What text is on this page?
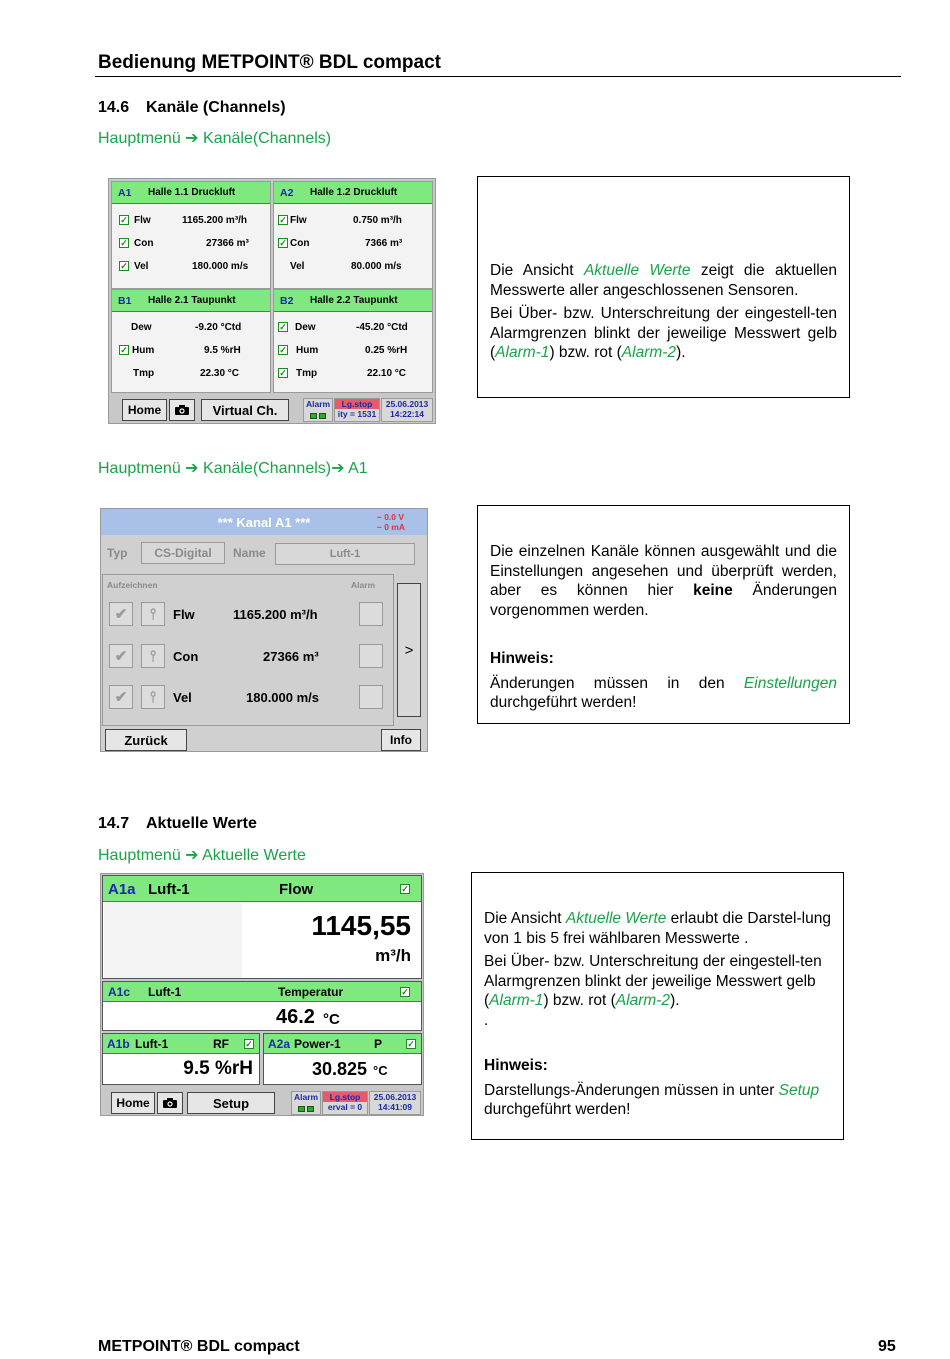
Bedienung METPOINT® BDL compact
14.6 Kanäle (Channels)
Hauptmenü ➔ Kanäle(Channels)
A1	Halle 1.1 Druckluft
✓ Flw	1165.200 m³/h
✓ Con	27366 m³
✓ Vel	180.000 m/s
A2	Halle 1.2 Druckluft
✓ Flw	0.750 m³/h
✓ Con	7366 m³
Vel	80.000 m/s
B1	Halle 2.1 Taupunkt
Dew	-9.20 °Ctd
✓ Hum	9.5 %rH
Tmp	22.30 °C
B2	Halle 2.2 Taupunkt
✓ Dew	-45.20 °Ctd
✓ Hum	0.25 %rH
✓ Tmp	22.10 °C
Home	Virtual Ch.	Alarm
	Lg.stop
ity = 1531
25.06.2013
14:22:14

Die Ansicht Aktuelle Werte zeigt die aktuellen Messwerte aller angeschlossenen Sensoren.

Bei Über- bzw. Unterschreitung der eingestell-ten Alarmgrenzen blinkt der jeweilige Messwert gelb (Alarm-1) bzw. rot (Alarm-2).

Hauptmenü ➔ Kanäle(Channels)➔ A1
*** Kanal A1 ***	~ 0.0 V
~ 0 mA
Typ	CS-Digital	Name	Luft-1
Aufzeichnen	Alarm
✔	⫯	Flw	1165.200 m³/h
✔	⫯	Con	27366 m³
✔	⫯	Vel	180.000 m/s
>
Zurück	Info

Die einzelnen Kanäle können ausgewählt und die Einstellungen angesehen und überprüft werden, aber es können hier keine Änderungen vorgenommen werden.

Hinweis:

Änderungen müssen in den Einstellungen durchgeführt werden!

14.7 Aktuelle Werte
Hauptmenü ➔ Aktuelle Werte
A1a Luft-1	Flow	✓
1145,55
m³/h
A1c Luft-1	Temperatur	✓
46.2 °C
A1b Luft-1	RF ✓
9.5 %rH
A2a Power-1	P	✓
30.825 °C
Home	Setup	Alarm
	Lg.stop
erval = 0
25.06.2013
14:41:09

Die Ansicht Aktuelle Werte erlaubt die Darstel-lung von 1 bis 5 frei wählbaren Messwerte .

Bei Über- bzw. Unterschreitung der eingestell-ten Alarmgrenzen blinkt der jeweilige Messwert gelb (Alarm-1) bzw. rot (Alarm-2).

.

Hinweis:

Darstellungs-Änderungen müssen in unter Setup durchgeführt werden!

METPOINT® BDL compact	95
